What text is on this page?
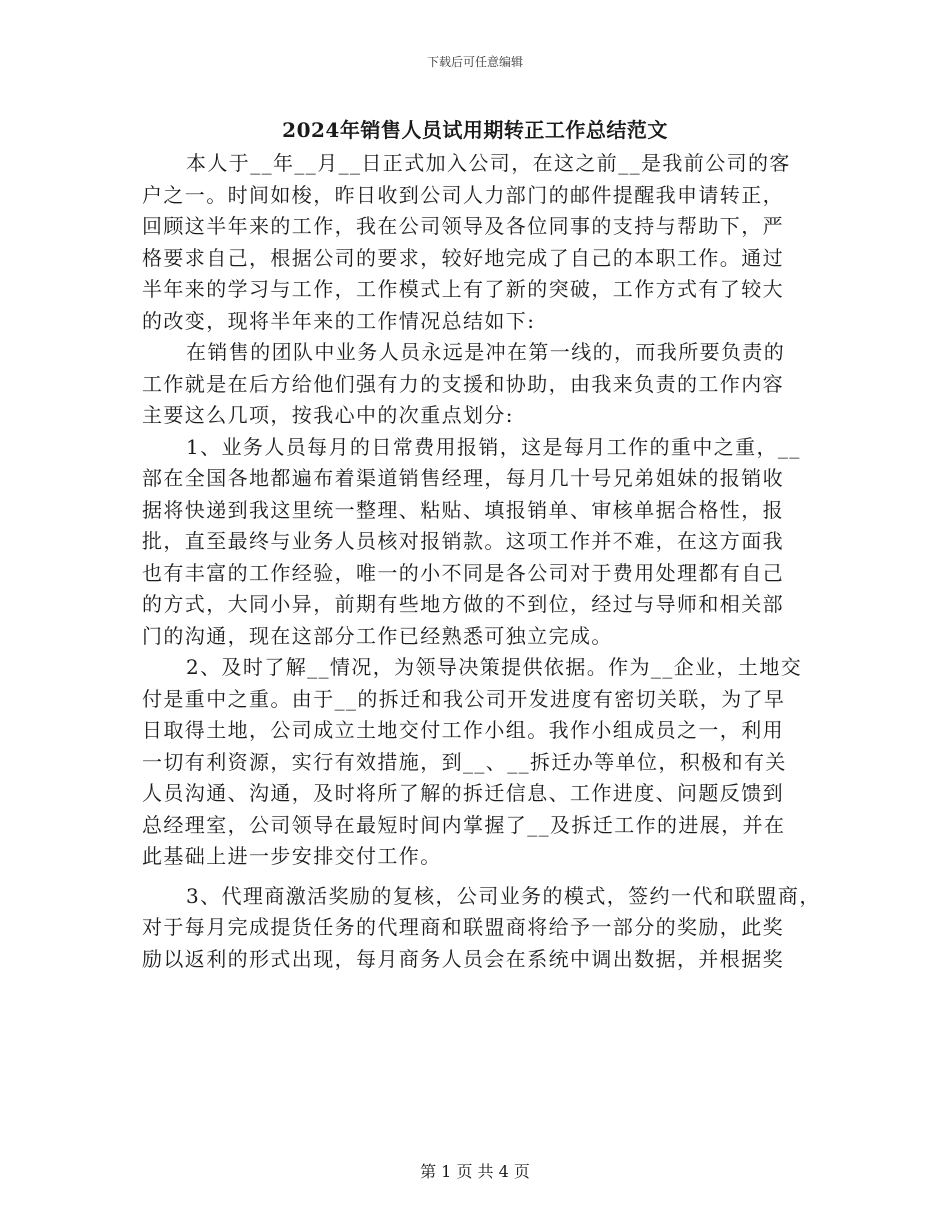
下载后可任意编辑
2024年销售人员试用期转正工作总结范文
本人于__年__月__日正式加入公司，在这之前__是我前公司的客
户之一。时间如梭，昨日收到公司人力部门的邮件提醒我申请转正，
回顾这半年来的工作，我在公司领导及各位同事的支持与帮助下，严
格要求自己，根据公司的要求，较好地完成了自己的本职工作。通过
半年来的学习与工作，工作模式上有了新的突破，工作方式有了较大
的改变，现将半年来的工作情况总结如下:
在销售的团队中业务人员永远是冲在第一线的，而我所要负责的
工作就是在后方给他们强有力的支援和协助，由我来负责的工作内容
主要这么几项，按我心中的次重点划分:
1、业务人员每月的日常费用报销，这是每月工作的重中之重，__
部在全国各地都遍布着渠道销售经理，每月几十号兄弟姐妹的报销收
据将快递到我这里统一整理、粘贴、填报销单、审核单据合格性，报
批，直至最终与业务人员核对报销款。这项工作并不难，在这方面我
也有丰富的工作经验，唯一的小不同是各公司对于费用处理都有自己
的方式，大同小异，前期有些地方做的不到位，经过与导师和相关部
门的沟通，现在这部分工作已经熟悉可独立完成。
2、及时了解__情况，为领导决策提供依据。作为__企业，土地交
付是重中之重。由于__的拆迁和我公司开发进度有密切关联，为了早
日取得土地，公司成立土地交付工作小组。我作小组成员之一，利用
一切有利资源，实行有效措施，到__、__拆迁办等单位，积极和有关
人员沟通、沟通，及时将所了解的拆迁信息、工作进度、问题反馈到
总经理室，公司领导在最短时间内掌握了__及拆迁工作的进展，并在
此基础上进一步安排交付工作。
3、代理商激活奖励的复核，公司业务的模式，签约一代和联盟商，
对于每月完成提货任务的代理商和联盟商将给予一部分的奖励，此奖
励以返利的形式出现，每月商务人员会在系统中调出数据，并根据奖
第 1 页 共 4 页
